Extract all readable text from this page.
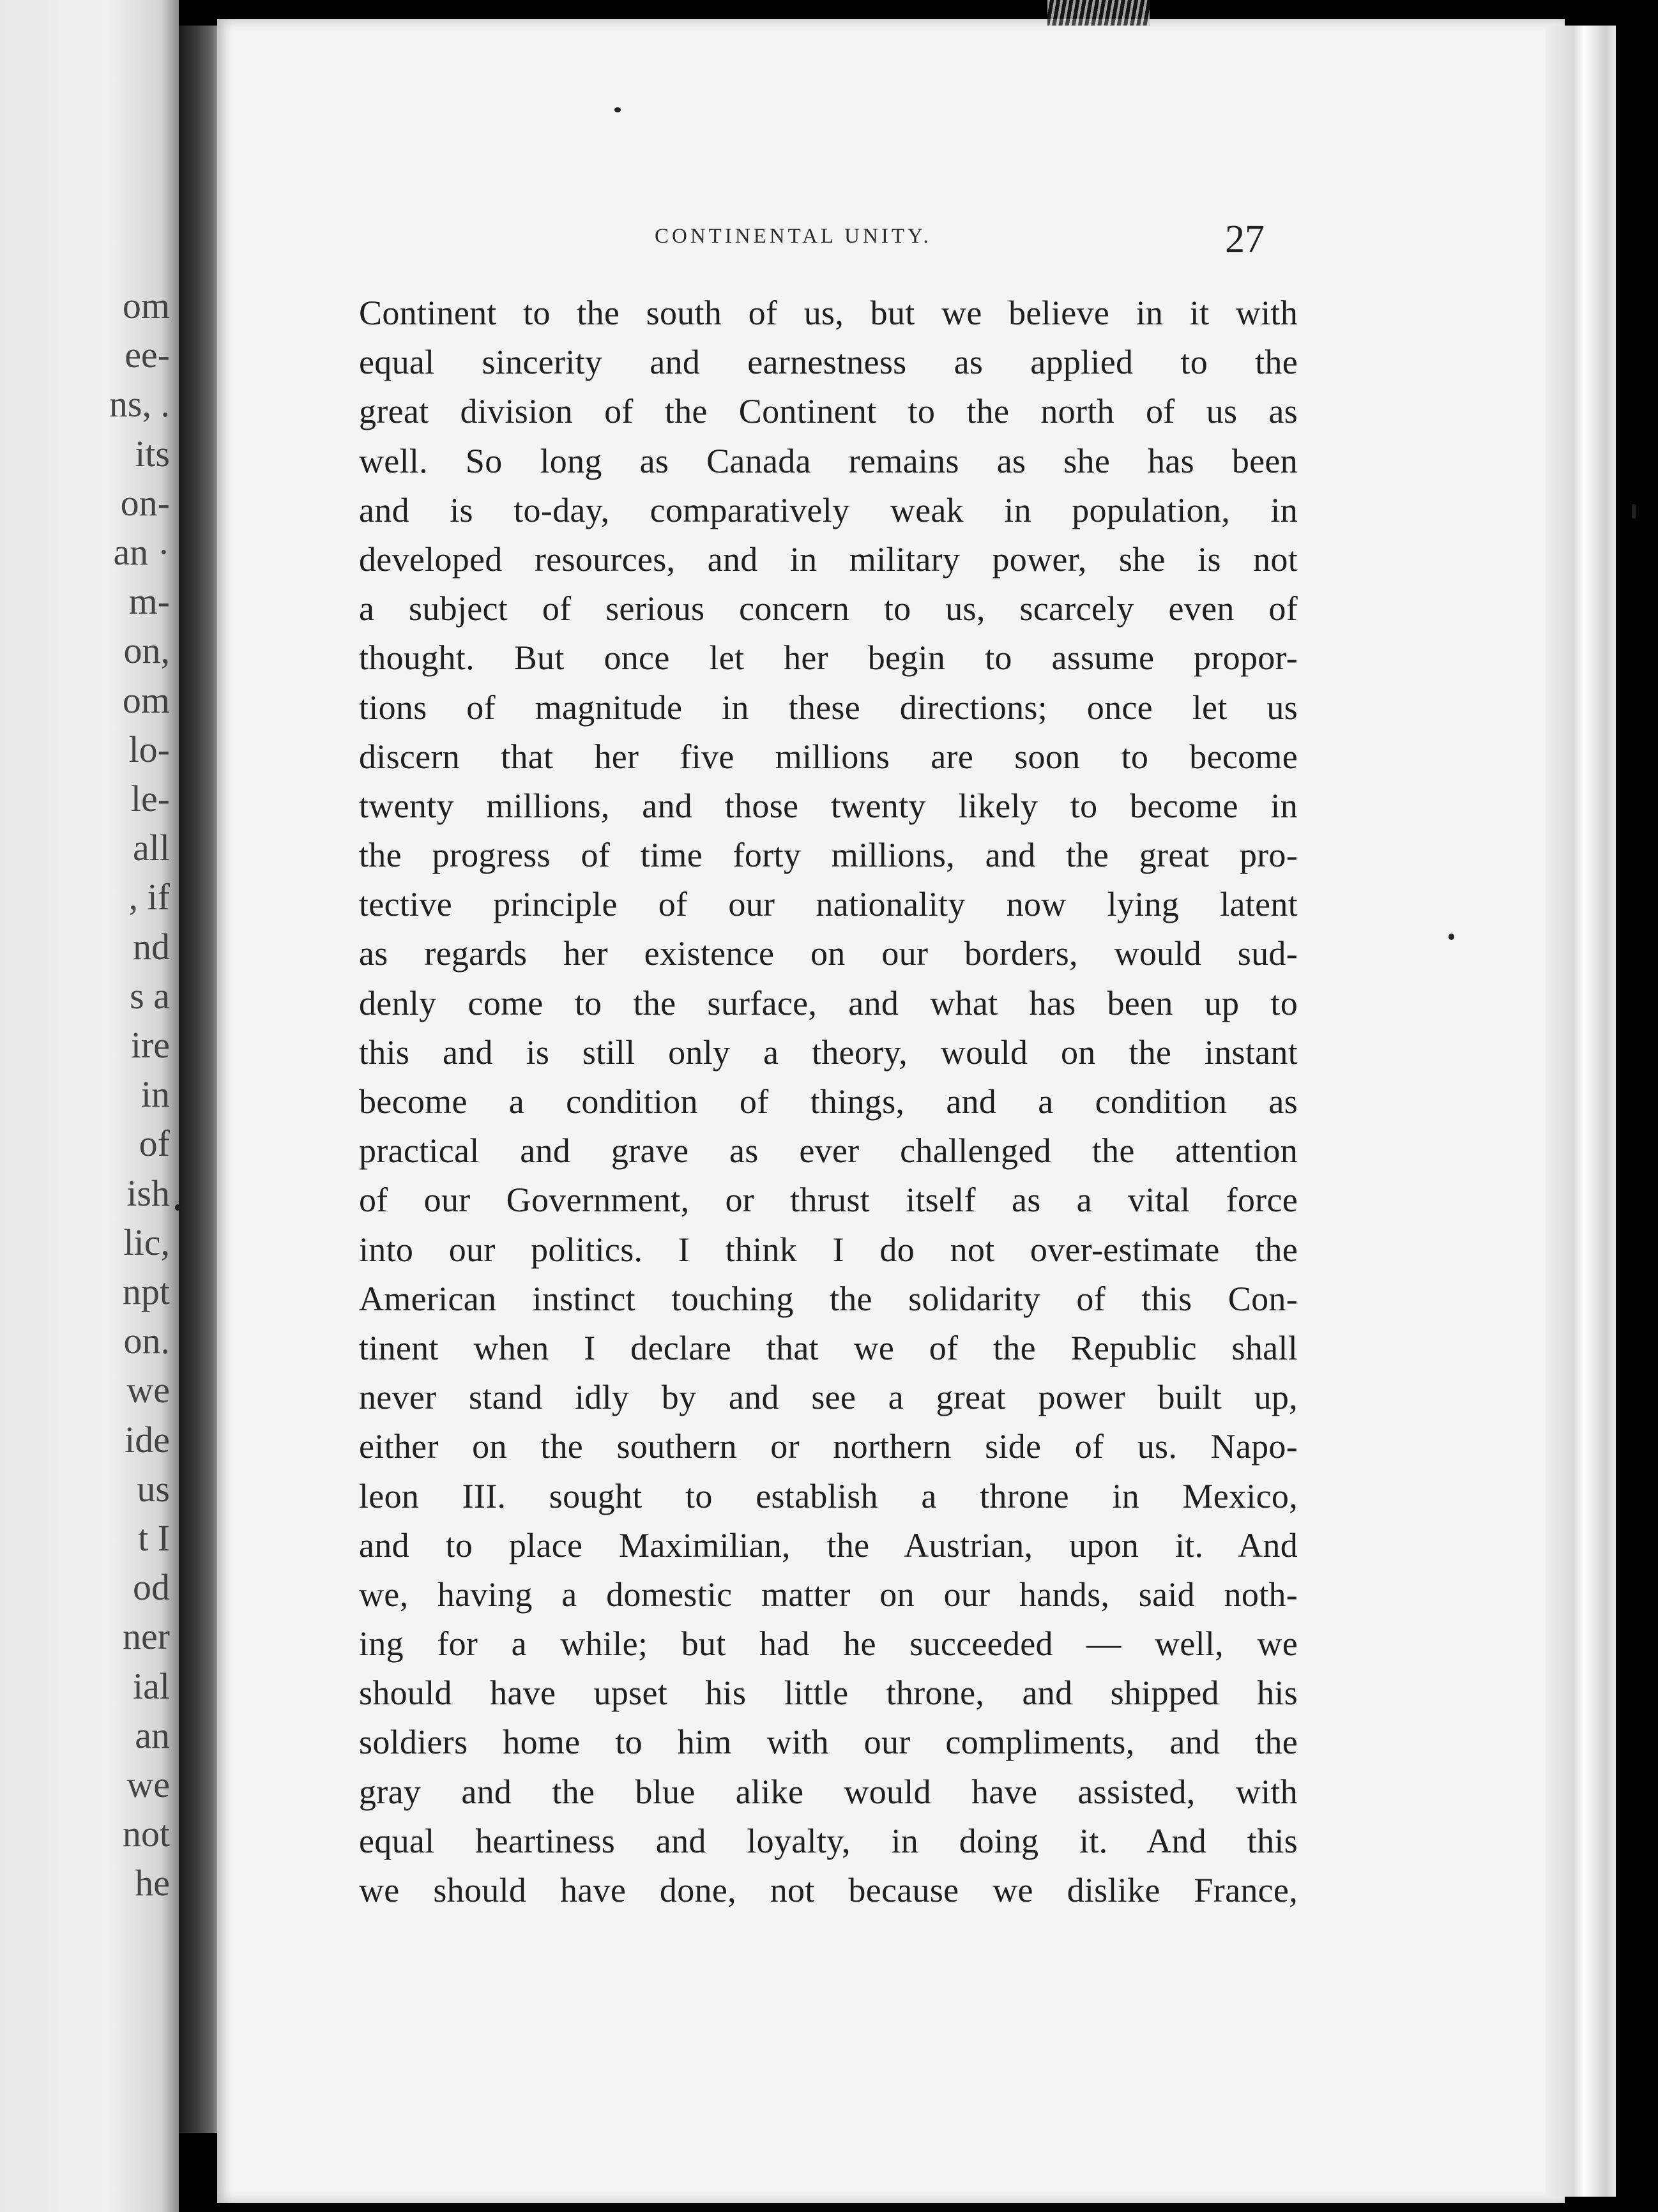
om
ee-
ns, .
its
on-
an ·
m-
on,
om
lo-
le-
all
, if
nd
s a
ire
in
of
ish
lic,
npt
on.
we
ide
us
t I
od
ner
ial
an
we
not
he
CONTINENTAL UNITY.	27
Continent to the south of us, but we believe in it with
equal sincerity and earnestness as applied to the
great division of the Continent to the north of us as
well. So long as Canada remains as she has been
and is to-day, comparatively weak in population, in
developed resources, and in military power, she is not
a subject of serious concern to us, scarcely even of
thought. But once let her begin to assume propor-
tions of magnitude in these directions; once let us
discern that her five millions are soon to become
twenty millions, and those twenty likely to become in
the progress of time forty millions, and the great pro-
tective principle of our nationality now lying latent
as regards her existence on our borders, would sud-
denly come to the surface, and what has been up to
this and is still only a theory, would on the instant
become a condition of things, and a condition as
practical and grave as ever challenged the attention
of our Government, or thrust itself as a vital force
into our politics. I think I do not over-estimate the
American instinct touching the solidarity of this Con-
tinent when I declare that we of the Republic shall
never stand idly by and see a great power built up,
either on the southern or northern side of us. Napo-
leon III. sought to establish a throne in Mexico,
and to place Maximilian, the Austrian, upon it. And
we, having a domestic matter on our hands, said noth-
ing for a while; but had he succeeded — well, we
should have upset his little throne, and shipped his
soldiers home to him with our compliments, and the
gray and the blue alike would have assisted, with
equal heartiness and loyalty, in doing it. And this
we should have done, not because we dislike France,
